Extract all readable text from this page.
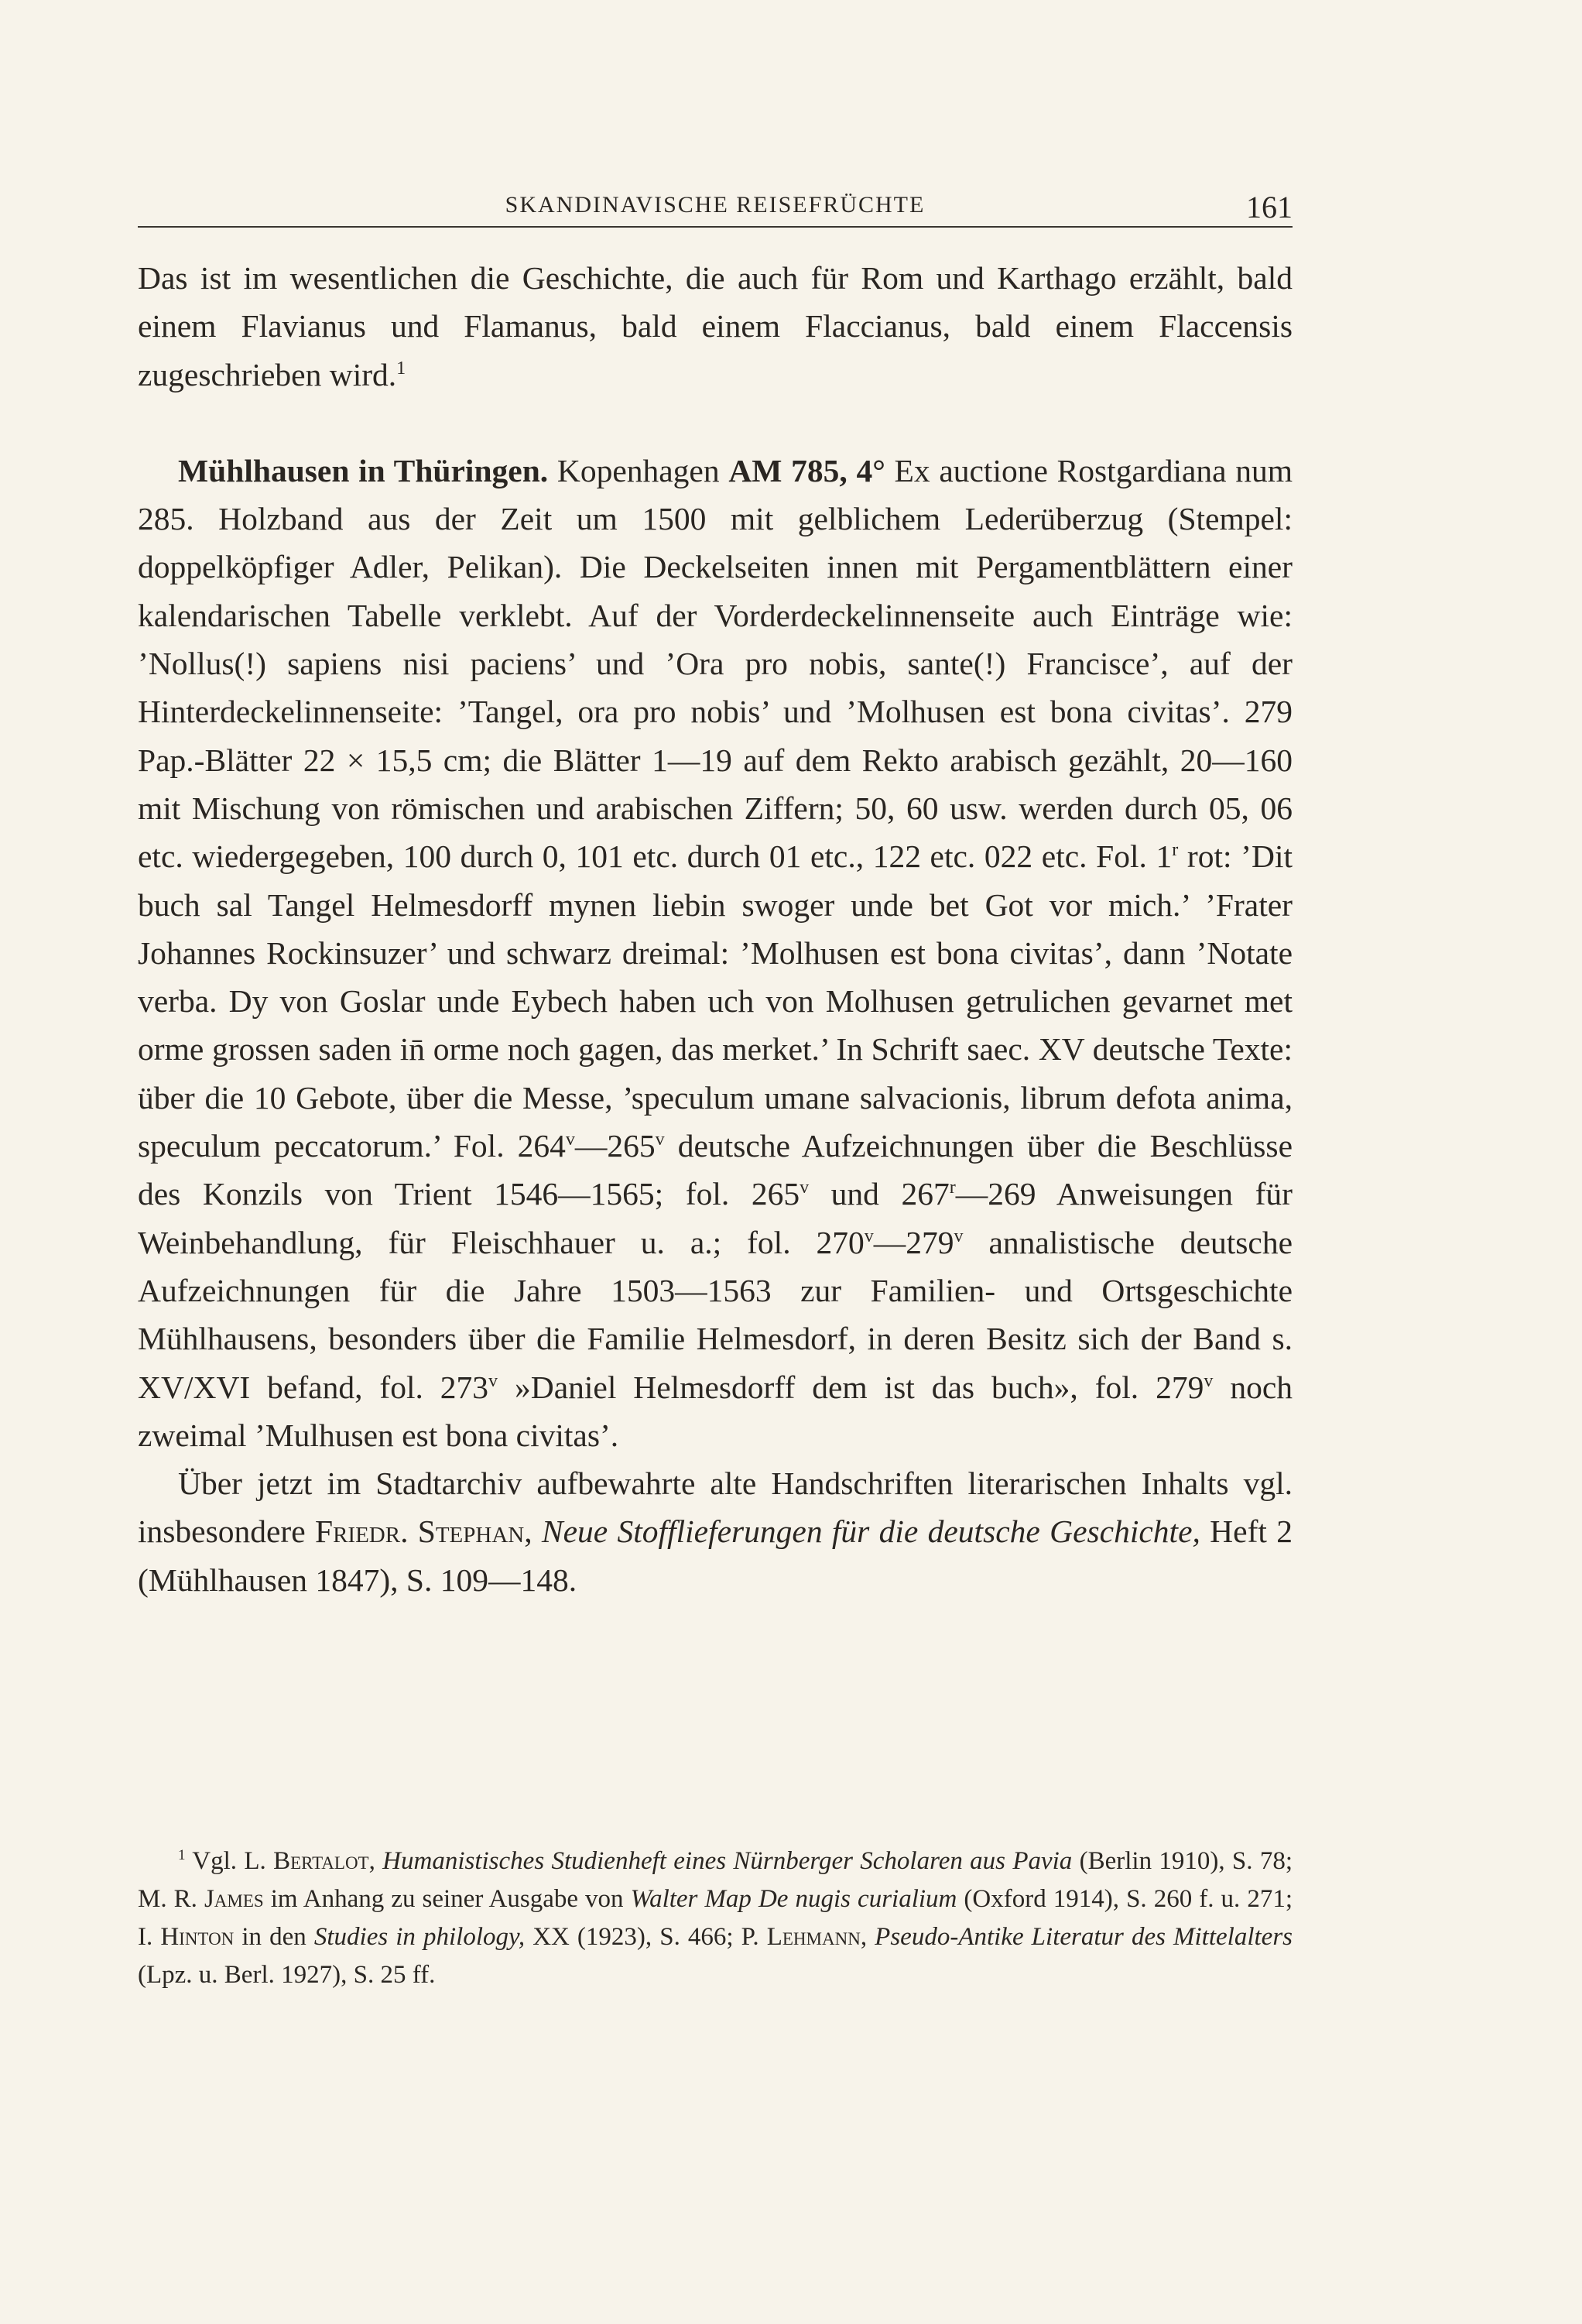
SKANDINAVISCHE REISEFRÜCHTE	161

Das ist im wesentlichen die Geschichte, die auch für Rom und Karthago erzählt, bald einem Flavianus und Flamanus, bald einem Flaccianus, bald einem Flaccensis zugeschrieben wird.$^1$

Mühlhausen in Thüringen. Kopenhagen AM 785, 4° Ex auctione Rostgardiana num 285. Holzband aus der Zeit um 1500 mit gelblichem Lederüberzug (Stempel: doppelköpfiger Adler, Pelikan). Die Deckelseiten innen mit Pergamentblättern einer kalendarischen Tabelle verklebt. Auf der Vorderdeckelinnenseite auch Einträge wie: ’Nollus(!) sapiens nisi paciens’ und ’Ora pro nobis, sante(!) Francisce’, auf der Hinterdeckelinnenseite: ’Tangel, ora pro nobis’ und ’Molhusen est bona civitas’. 279 Pap.-Blätter 22 × 15,5 cm; die Blätter 1—19 auf dem Rekto arabisch gezählt, 20—160 mit Mischung von römischen und arabischen Ziffern; 50, 60 usw. werden durch 05, 06 etc. wiedergegeben, 100 durch 0, 101 etc. durch 01 etc., 122 etc. 022 etc. Fol. 1$^r$ rot: ’Dit buch sal Tangel Helmesdorff mynen liebin swoger unde bet Got vor mich.’ ’Frater Johannes Rockinsuzer’ und schwarz dreimal: ’Molhusen est bona civitas’, dann ’Notate verba. Dy von Goslar unde Eybech haben uch von Molhusen getrulichen gevarnet met orme grossen saden in̄ orme noch gagen, das merket.’ In Schrift saec. XV deutsche Texte: über die 10 Gebote, über die Messe, ’speculum umane salvacionis, librum defota anima, speculum peccatorum.’ Fol. 264$^v$—265$^v$ deutsche Aufzeichnungen über die Beschlüsse des Konzils von Trient 1546—1565; fol. 265$^v$ und 267$^r$—269 Anweisungen für Weinbehandlung, für Fleischhauer u. a.; fol. 270$^v$—279$^v$ annalistische deutsche Aufzeichnungen für die Jahre 1503—1563 zur Familien- und Ortsgeschichte Mühlhausens, besonders über die Familie Helmesdorf, in deren Besitz sich der Band s. XV/XVI befand, fol. 273$^v$ »Daniel Helmesdorff dem ist das buch», fol. 279$^v$ noch zweimal ’Mulhusen est bona civitas’.

Über jetzt im Stadtarchiv aufbewahrte alte Handschriften literarischen Inhalts vgl. insbesondere Friedr. Stephan, Neue Stofflieferungen für die deutsche Geschichte, Heft 2 (Mühlhausen 1847), S. 109—148.

$^1$ Vgl. L. Bertalot, Humanistisches Studienheft eines Nürnberger Scholaren aus Pavia (Berlin 1910), S. 78; M. R. James im Anhang zu seiner Ausgabe von Walter Map De nugis curialium (Oxford 1914), S. 260 f. u. 271; I. Hinton in den Studies in philology, XX (1923), S. 466; P. Lehmann, Pseudo-Antike Literatur des Mittelalters (Lpz. u. Berl. 1927), S. 25 ff.
